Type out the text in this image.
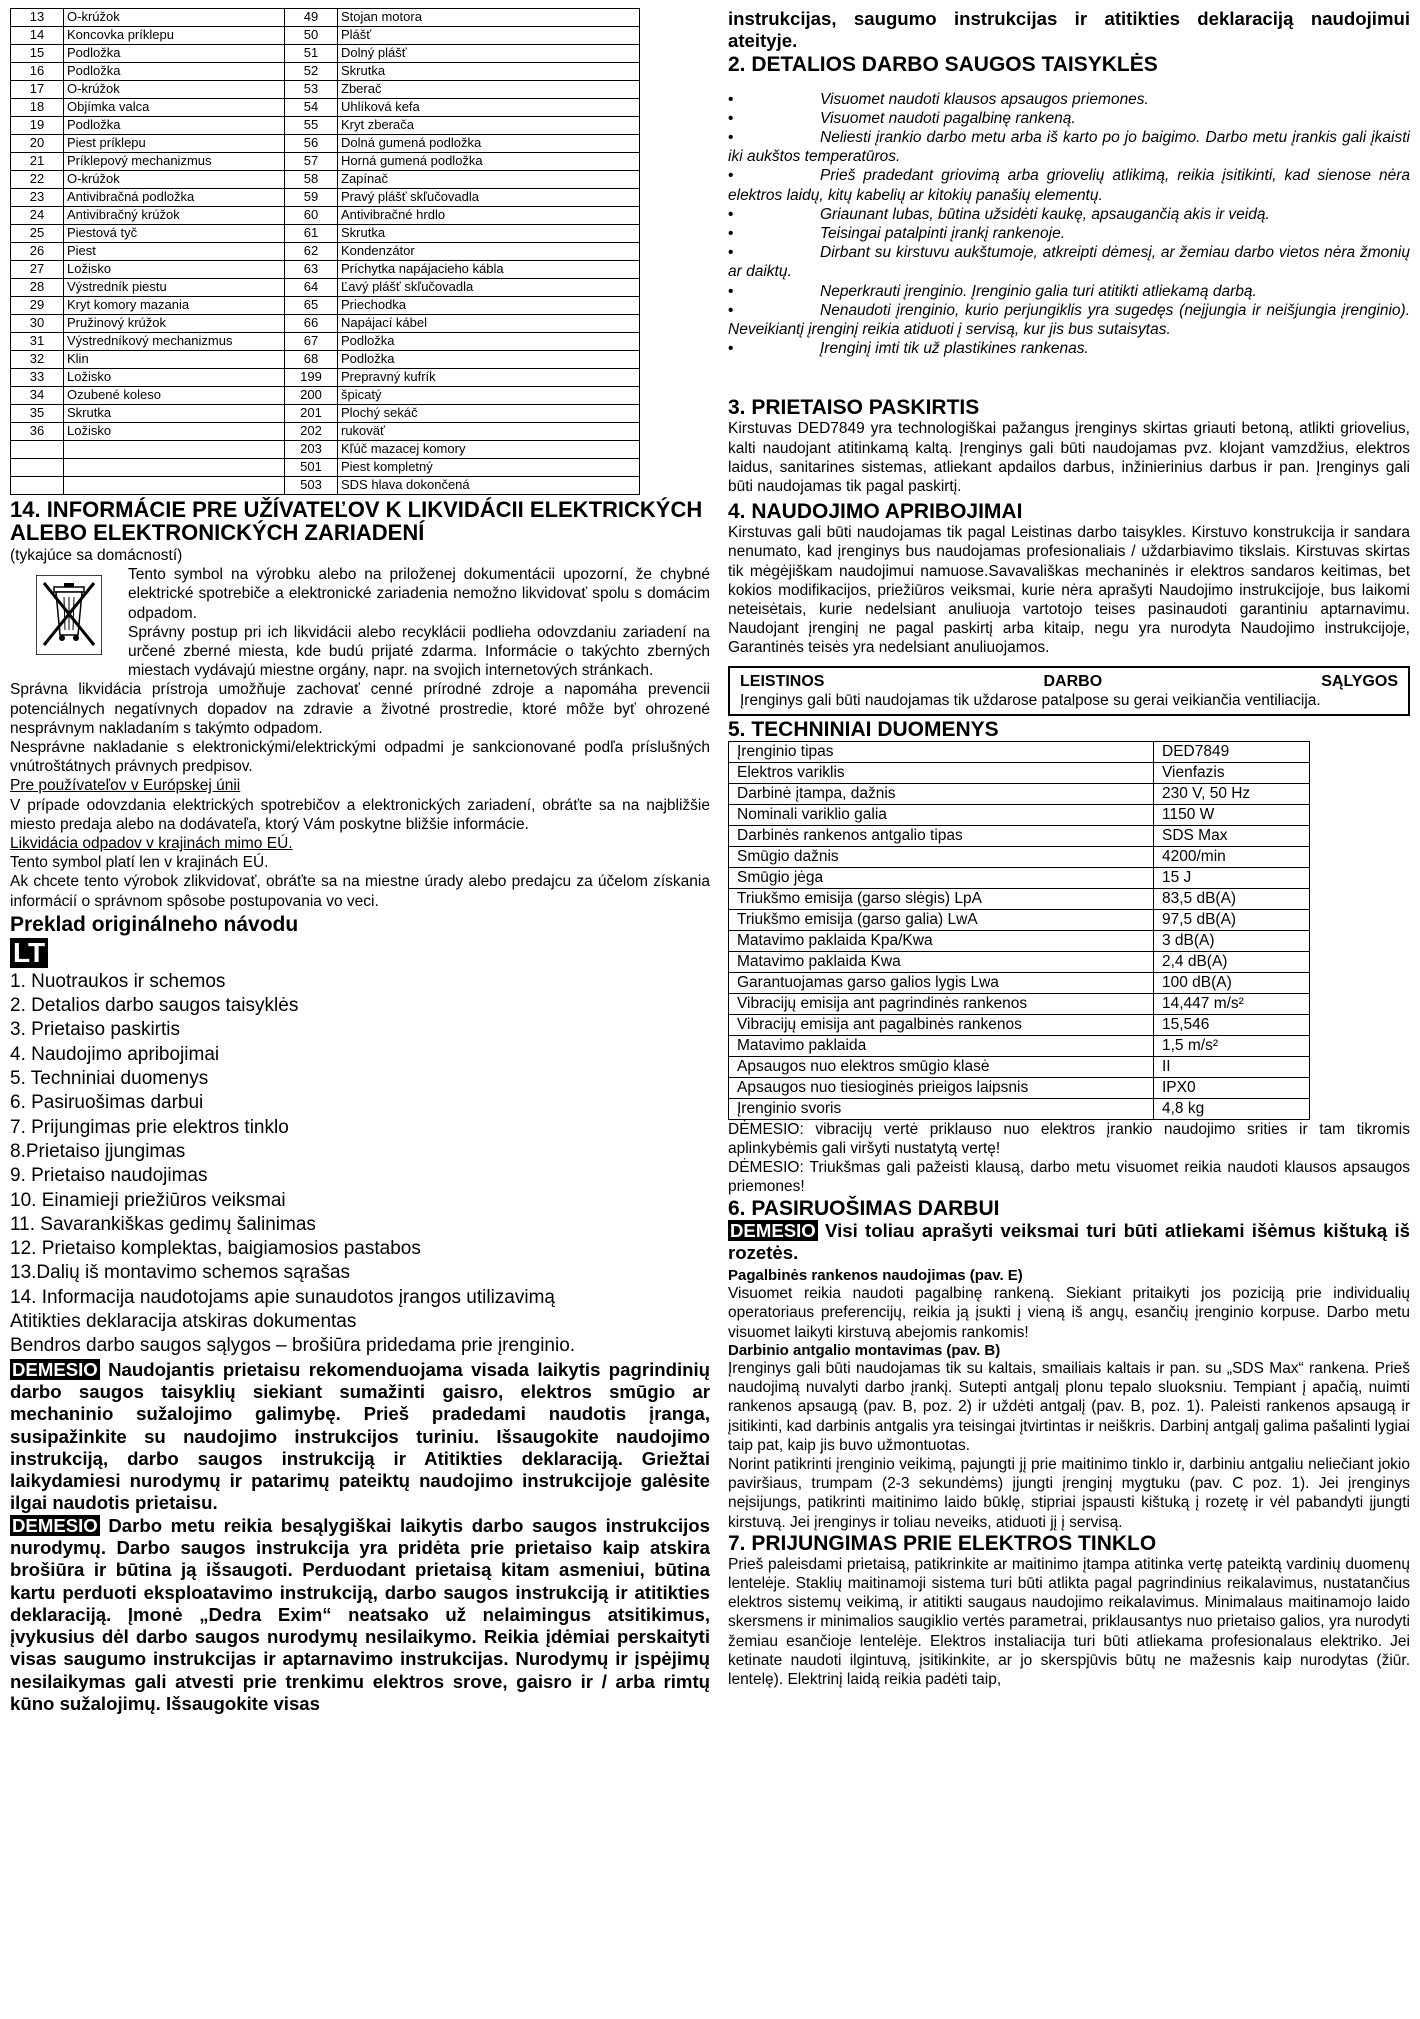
13	O-krúžok	49	Stojan motora
14	Koncovka príklepu	50	Plášť
15	Podložka	51	Dolný plášť
16	Podložka	52	Skrutka
17	O-krúžok	53	Zberač
18	Objímka valca	54	Uhlíková kefa
19	Podložka	55	Kryt zberača
20	Piest príklepu	56	Dolná gumená podložka
21	Príklepový mechanizmus	57	Horná gumená podložka
22	O-krúžok	58	Zapínač
23	Antivibračná podložka	59	Pravý plášť skľučovadla
24	Antivibračný krúžok	60	Antivibračné hrdlo
25	Piestová tyč	61	Skrutka
26	Piest	62	Kondenzátor
27	Ložisko	63	Príchytka napájacieho kábla
28	Výstredník piestu	64	Ľavý plášť skľučovadla
29	Kryt komory mazania	65	Priechodka
30	Pružinový krúžok	66	Napájací kábel
31	Výstredníkový mechanizmus	67	Podložka
32	Klin	68	Podložka
33	Ložisko	199	Prepravný kufrík
34	Ozubené koleso	200	špicatý
35	Skrutka	201	Plochý sekáč
36	Ložisko	202	rukoväť
		203	Kľúč mazacej komory
		501	Piest kompletný
		503	SDS hlava dokončená
14. INFORMÁCIE PRE UŽÍVATEĽOV K LIKVIDÁCII ELEKTRICKÝCH ALEBO ELEKTRONICKÝCH ZARIADENÍ

(tykajúce sa domácností)

Tento symbol na výrobku alebo na priloženej dokumentácii upozorní, že chybné elektrické spotrebiče a elektronické zariadenia nemožno likvidovať spolu s domácim odpadom.

Správny postup pri ich likvidácii alebo recyklácii podlieha odovzdaniu zariadení na určené zberné miesta, kde budú prijaté zdarma. Informácie o takýchto zberných miestach vydávajú miestne orgány, napr. na svojich internetových stránkach.

Správna likvidácia prístroja umožňuje zachovať cenné prírodné zdroje a napomáha prevencii potenciálnych negatívnych dopadov na zdravie a životné prostredie, ktoré môže byť ohrozené nesprávnym nakladaním s takýmto odpadom.

Nesprávne nakladanie s elektronickými/elektrickými odpadmi je sankcionované podľa príslušných vnútroštátnych právnych predpisov.

Pre používateľov v Európskej únii

V prípade odovzdania elektrických spotrebičov a elektronických zariadení, obráťte sa na najbližšie miesto predaja alebo na dodávateľa, ktorý Vám poskytne bližšie informácie.

Likvidácia odpadov v krajinách mimo EÚ.

Tento symbol platí len v krajinách EÚ.

Ak chcete tento výrobok zlikvidovať, obráťte sa na miestne úrady alebo predajcu za účelom získania informácií o správnom spôsobe postupovania vo veci.

Preklad originálneho návodu
LT
1. Nuotraukos ir schemos
2. Detalios darbo saugos taisyklės
3. Prietaiso paskirtis
4. Naudojimo apribojimai
5. Techniniai duomenys
6. Pasiruošimas darbui
7. Prijungimas prie elektros tinklo
8.Prietaiso įjungimas
9. Prietaiso naudojimas
10. Einamieji priežiūros veiksmai
11. Savarankiškas gedimų šalinimas
12. Prietaiso komplektas, baigiamosios pastabos
13.Dalių iš montavimo schemos sąrašas
14. Informacija naudotojams apie sunaudotos įrangos utilizavimą
Atitikties deklaracija atskiras dokumentas
Bendros darbo saugos sąlygos – brošiūra pridedama prie įrenginio.

DEMESIO Naudojantis prietaisu rekomenduojama visada laikytis pagrindinių darbo saugos taisyklių siekiant sumažinti gaisro, elektros smūgio ar mechaninio sužalojimo galimybę. Prieš pradedami naudotis įranga, susipažinkite su naudojimo instrukcijos turiniu. Išsaugokite naudojimo instrukciją, darbo saugos instrukciją ir Atitikties deklaraciją. Griežtai laikydamiesi nurodymų ir patarimų pateiktų naudojimo instrukcijoje galėsite ilgai naudotis prietaisu.

DEMESIO Darbo metu reikia besąlygiškai laikytis darbo saugos instrukcijos nurodymų. Darbo saugos instrukcija yra pridėta prie prietaiso kaip atskira brošiūra ir būtina ją išsaugoti. Perduodant prietaisą kitam asmeniui, būtina kartu perduoti eksploatavimo instrukciją, darbo saugos instrukciją ir atitikties deklaraciją. Įmonė „Dedra Exim“ neatsako už nelaimingus atsitikimus, įvykusius dėl darbo saugos nurodymų nesilaikymo. Reikia įdėmiai perskaityti visas saugumo instrukcijas ir aptarnavimo instrukcijas. Nurodymų ir įspėjimų nesilaikymas gali atvesti prie trenkimu elektros srove, gaisro ir / arba rimtų kūno sužalojimų. Išsaugokite visas

instrukcijas, saugumo instrukcijas ir atitikties deklaraciją naudojimui ateityje.

2. DETALIOS DARBO SAUGOS TAISYKLĖS
•	Visuomet naudoti klausos apsaugos priemones.
•	Visuomet naudoti pagalbinę rankeną.
•	Neliesti įrankio darbo metu arba iš karto po jo baigimo. Darbo metu įrankis gali įkaisti iki aukštos temperatūros.
•	Prieš pradedant griovimą arba griovelių atlikimą, reikia įsitikinti, kad sienose nėra elektros laidų, kitų kabelių ar kitokių panašių elementų.
•	Griaunant lubas, būtina užsidėti kaukę, apsaugančią akis ir veidą.
•	Teisingai patalpinti įrankį rankenoje.
•	Dirbant su kirstuvu aukštumoje, atkreipti dėmesį, ar žemiau darbo vietos nėra žmonių ar daiktų.
•	Neperkrauti įrenginio. Įrenginio galia turi atitikti atliekamą darbą.
•	Nenaudoti įrenginio, kurio perjungiklis yra sugedęs (neįjungia ir neišjungia įrenginio). Neveikiantį įrenginį reikia atiduoti į servisą, kur jis bus sutaisytas.
•	Įrenginį imti tik už plastikines rankenas.
3. PRIETAISO PASKIRTIS

Kirstuvas DED7849 yra technologiškai pažangus įrenginys skirtas griauti betoną, atlikti griovelius, kalti naudojant atitinkamą kaltą. Įrenginys gali būti naudojamas pvz. klojant vamzdžius, elektros laidus, sanitarines sistemas, atliekant apdailos darbus, inžinierinius darbus ir pan. Įrenginys gali būti naudojamas tik pagal paskirtį.

4. NAUDOJIMO APRIBOJIMAI

Kirstuvas gali būti naudojamas tik pagal Leistinas darbo taisykles. Kirstuvo konstrukcija ir sandara nenumato, kad įrenginys bus naudojamas profesionaliais / uždarbiavimo tikslais. Kirstuvas skirtas tik mėgėjiškam naudojimui namuose.Savavališkas mechaninės ir elektros sandaros keitimas, bet kokios modifikacijos, priežiūros veiksmai, kurie nėra aprašyti Naudojimo instrukcijoje, bus laikomi neteisėtais, kurie nedelsiant anuliuoja vartotojo teises pasinaudoti garantiniu aptarnavimu. Naudojant įrenginį ne pagal paskirtį arba kitaip, negu yra nurodyta Naudojimo instrukcijoje, Garantinės teisės yra nedelsiant anuliuojamos.

LEISTINOS	DARBO	SĄLYGOS

Įrenginys gali būti naudojamas tik uždarose patalpose su gerai veikiančia ventiliacija.

5. TECHNINIAI DUOMENYS
Įrenginio tipas	DED7849
Elektros variklis	Vienfazis
Darbinė įtampa, dažnis	230 V, 50 Hz
Nominali variklio galia	1150 W
Darbinės rankenos antgalio tipas	SDS Max
Smūgio dažnis	4200/min
Smūgio jėga	15 J
Triukšmo emisija (garso slėgis) LpA	83,5 dB(A)
Triukšmo emisija (garso galia) LwA	97,5 dB(A)
Matavimo paklaida Kpa/Kwa	3 dB(A)
Matavimo paklaida Kwa	2,4 dB(A)
Garantuojamas garso galios lygis Lwa	100 dB(A)
Vibracijų emisija ant pagrindinės rankenos	14,447 m/s²
Vibracijų emisija ant pagalbinės rankenos	15,546
Matavimo paklaida	1,5 m/s²
Apsaugos nuo elektros smūgio klasė	II
Apsaugos nuo tiesioginės prieigos laipsnis	IPX0
Įrenginio svoris	4,8 kg

DĖMESIO: vibracijų vertė priklauso nuo elektros įrankio naudojimo srities ir tam tikromis aplinkybėmis gali viršyti nustatytą vertę!

DĖMESIO: Triukšmas gali pažeisti klausą, darbo metu visuomet reikia naudoti klausos apsaugos priemones!

6. PASIRUOŠIMAS DARBUI

DEMESIO Visi toliau aprašyti veiksmai turi būti atliekami išėmus kištuką iš rozetės.

Pagalbinės rankenos naudojimas (pav. E)

Visuomet reikia naudoti pagalbinę rankeną. Siekiant pritaikyti jos poziciją prie individualių operatoriaus preferencijų, reikia ją įsukti į vieną iš angų, esančių įrenginio korpuse. Darbo metu visuomet laikyti kirstuvą abejomis rankomis!

Darbinio antgalio montavimas (pav. B)

Įrenginys gali būti naudojamas tik su kaltais, smailiais kaltais ir pan. su „SDS Max“ rankena. Prieš naudojimą nuvalyti darbo įrankį. Sutepti antgalį plonu tepalo sluoksniu. Tempiant į apačią, nuimti rankenos apsaugą (pav. B, poz. 2) ir uždėti antgalį (pav. B, poz. 1). Paleisti rankenos apsaugą ir įsitikinti, kad darbinis antgalis yra teisingai įtvirtintas ir neiškris. Darbinį antgalį galima pašalinti lygiai taip pat, kaip jis buvo užmontuotas.

Norint patikrinti įrenginio veikimą, pajungti jį prie maitinimo tinklo ir, darbiniu antgaliu neliečiant jokio paviršiaus, trumpam (2-3 sekundėms) įjungti įrenginį mygtuku (pav. C poz. 1). Jei įrenginys neįsijungs, patikrinti maitinimo laido būklę, stipriai įspausti kištuką į rozetę ir vėl pabandyti įjungti kirstuvą. Jei įrenginys ir toliau neveiks, atiduoti jį į servisą.

7. PRIJUNGIMAS PRIE ELEKTROS TINKLO

Prieš paleisdami prietaisą, patikrinkite ar maitinimo įtampa atitinka vertę pateiktą vardinių duomenų lentelėje. Staklių maitinamoji sistema turi būti atlikta pagal pagrindinius reikalavimus, nustatančius elektros sistemų veikimą, ir atitikti saugaus naudojimo reikalavimus. Minimalaus maitinamojo laido skersmens ir minimalios saugiklio vertės parametrai, priklausantys nuo prietaiso galios, yra nurodyti žemiau esančioje lentelėje. Elektros instaliacija turi būti atliekama profesionalaus elektriko. Jei ketinate naudoti ilgintuvą, įsitikinkite, ar jo skerspjūvis būtų ne mažesnis kaip nurodytas (žiūr. lentelę). Elektrinį laidą reikia padėti taip,
